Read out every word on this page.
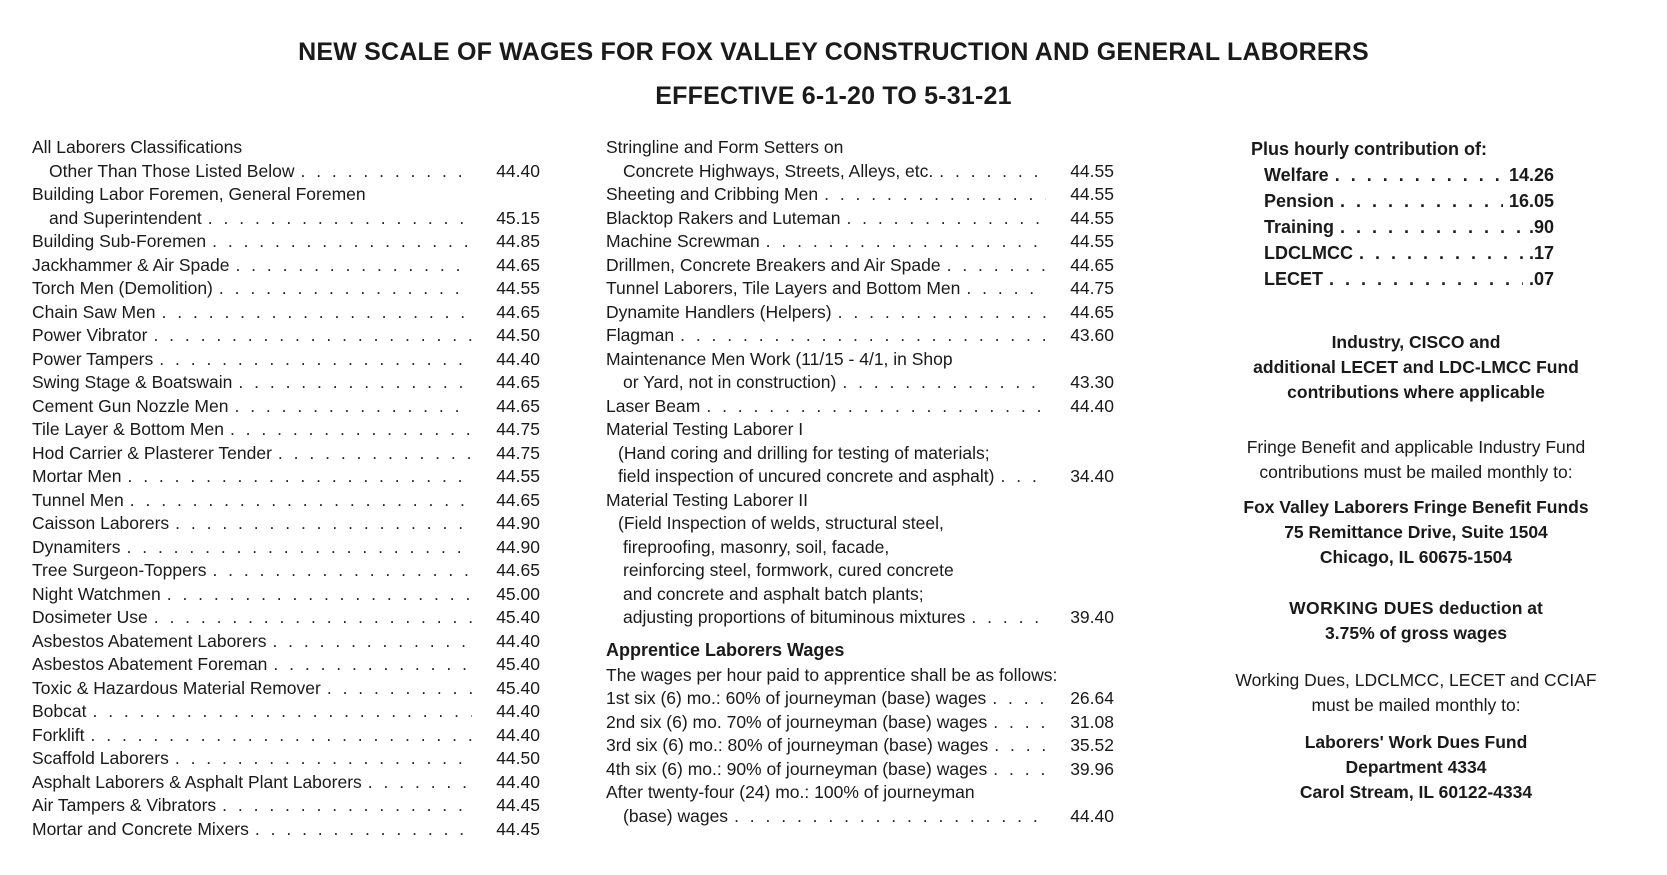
NEW SCALE OF WAGES FOR FOX VALLEY CONSTRUCTION AND GENERAL LABORERS
EFFECTIVE 6-1-20 TO 5-31-21
All Laborers Classifications
Other Than Those Listed Below . . .	44.40
Building Labor Foremen, General Foremen
and Superintendent . . .	45.15
Building Sub-Foremen . . .	44.85
Jackhammer & Air Spade . . .	44.65
Torch Men (Demolition) . . .	44.55
Chain Saw Men . . .	44.65
Power Vibrator . . .	44.50
Power Tampers . . .	44.40
Swing Stage & Boatswain . . .	44.65
Cement Gun Nozzle Men . . .	44.65
Tile Layer & Bottom Men . . .	44.75
Hod Carrier & Plasterer Tender . . .	44.75
Mortar Men . . .	44.55
Tunnel Men . . .	44.65
Caisson Laborers . . .	44.90
Dynamiters . . .	44.90
Tree Surgeon-Toppers . . .	44.65
Night Watchmen . . .	45.00
Dosimeter Use . . .	45.40
Asbestos Abatement Laborers . . .	44.40
Asbestos Abatement Foreman . . .	45.40
Toxic & Hazardous Material Remover . . .	45.40
Bobcat . . .	44.40
Forklift . . .	44.40
Scaffold Laborers . . .	44.50
Asphalt Laborers & Asphalt Plant Laborers . . .	44.40
Air Tampers & Vibrators . . .	44.45
Mortar and Concrete Mixers . . .	44.45
Stringline and Form Setters on
Concrete Highways, Streets, Alleys, etc. . . .	44.55
Sheeting and Cribbing Men . . .	44.55
Blacktop Rakers and Luteman . . .	44.55
Machine Screwman . . .	44.55
Drillmen, Concrete Breakers and Air Spade . . .	44.65
Tunnel Laborers, Tile Layers and Bottom Men . . .	44.75
Dynamite Handlers (Helpers) . . .	44.65
Flagman . . .	43.60
Maintenance Men Work (11/15 - 4/1, in Shop
or Yard, not in construction) . . .	43.30
Laser Beam . . .	44.40
Material Testing Laborer I
(Hand coring and drilling for testing of materials;
field inspection of uncured concrete and asphalt) . . .	34.40
Material Testing Laborer II
(Field Inspection of welds, structural steel,
fireproofing, masonry, soil, facade,
reinforcing steel, formwork, cured concrete
and concrete and asphalt batch plants;
adjusting proportions of bituminous mixtures . . .	39.40
Apprentice Laborers Wages
The wages per hour paid to apprentice shall be as follows:
1st six (6) mo.: 60% of journeyman (base) wages . . .	26.64
2nd six (6) mo. 70% of journeyman (base) wages . . .	31.08
3rd six (6) mo.: 80% of journeyman (base) wages . . .	35.52
4th six (6) mo.: 90% of journeyman (base) wages . . .	39.96
After twenty-four (24) mo.: 100% of journeyman
(base) wages . . .	44.40
Plus hourly contribution of:
Welfare . . .	14.26
Pension . . .	16.05
Training . . .	.90
LDCLMCC . . .	.17
LECET . . .	.07
Industry, CISCO and
additional LECET and LDC-LMCC Fund
contributions where applicable
Fringe Benefit and applicable Industry Fund
contributions must be mailed monthly to:
Fox Valley Laborers Fringe Benefit Funds
75 Remittance Drive, Suite 1504
Chicago, IL 60675-1504
WORKING DUES deduction at
3.75% of gross wages
Working Dues, LDCLMCC, LECET and CCIAF
must be mailed monthly to:
Laborers' Work Dues Fund
Department 4334
Carol Stream, IL 60122-4334
